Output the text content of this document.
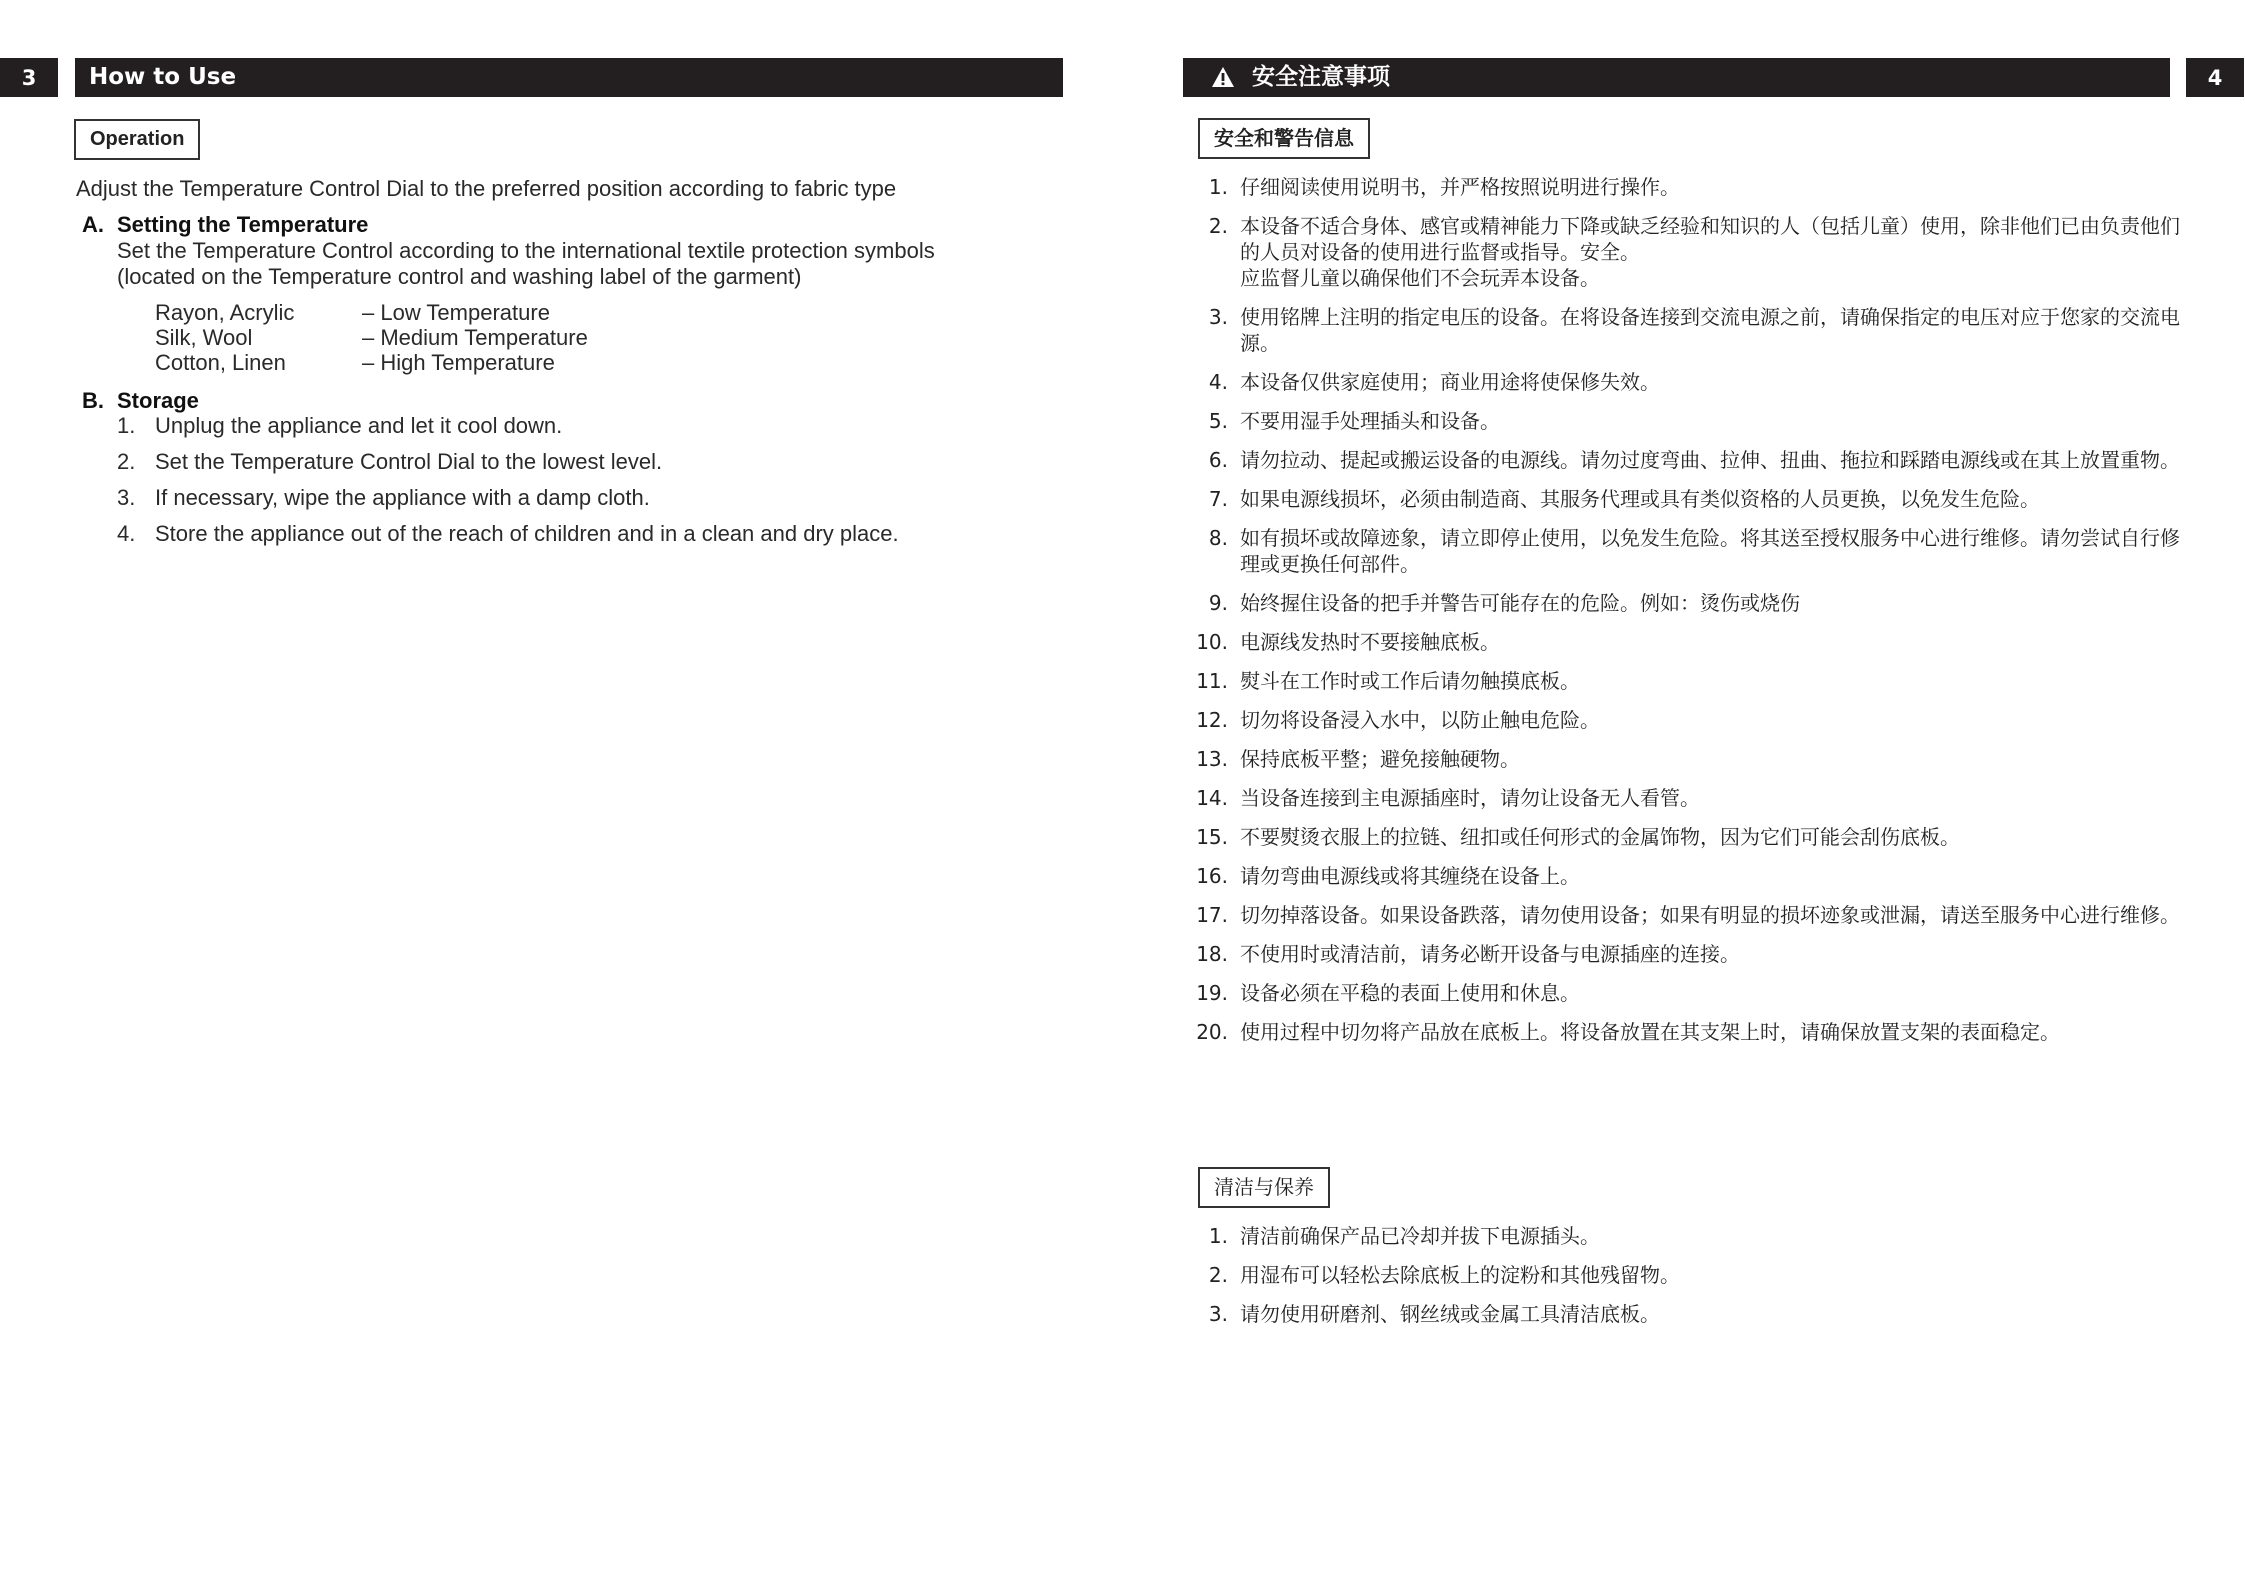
3 How to Use
Operation
Adjust the Temperature Control Dial to the preferred position according to fabric type
A. Setting the Temperature
Set the Temperature Control according to the international textile protection symbols
(located on the Temperature control and washing label of the garment)
Rayon, Acrylic	– Low Temperature
Silk, Wool	– Medium Temperature
Cotton, Linen	– High Temperature
B. Storage
1. Unplug the appliance and let it cool down.
2. Set the Temperature Control Dial to the lowest level.
3. If necessary, wipe the appliance with a damp cloth.
4. Store the appliance out of the reach of children and in a clean and dry place.
安全注意事项	4
安全和警告信息
1. 仔细阅读使用说明书，并严格按照说明进行操作。
2. 本设备不适合身体、感官或精神能力下降或缺乏经验和知识的人（包括儿童）使用，除非他们已由负责他们的人员对设备的使用进行监督或指导。安全。
应监督儿童以确保他们不会玩弄本设备。
3. 使用铭牌上注明的指定电压的设备。在将设备连接到交流电源之前，请确保指定的电压对应于您家的交流电源。
4. 本设备仅供家庭使用；商业用途将使保修失效。
5. 不要用湿手处理插头和设备。
6. 请勿拉动、提起或搬运设备的电源线。请勿过度弯曲、拉伸、扭曲、拖拉和踩踏电源线或在其上放置重物。
7. 如果电源线损坏，必须由制造商、其服务代理或具有类似资格的人员更换，以免发生危险。
8. 如有损坏或故障迹象，请立即停止使用，以免发生危险。将其送至授权服务中心进行维修。请勿尝试自行修理或更换任何部件。
9. 始终握住设备的把手并警告可能存在的危险。例如：烫伤或烧伤
10. 电源线发热时不要接触底板。
11. 熨斗在工作时或工作后请勿触摸底板。
12. 切勿将设备浸入水中，以防止触电危险。
13. 保持底板平整；避免接触硬物。
14. 当设备连接到主电源插座时，请勿让设备无人看管。
15. 不要熨烫衣服上的拉链、纽扣或任何形式的金属饰物，因为它们可能会刮伤底板。
16. 请勿弯曲电源线或将其缠绕在设备上。
17. 切勿掉落设备。如果设备跌落，请勿使用设备；如果有明显的损坏迹象或泄漏，请送至服务中心进行维修。
18. 不使用时或清洁前，请务必断开设备与电源插座的连接。
19. 设备必须在平稳的表面上使用和休息。
20. 使用过程中切勿将产品放在底板上。将设备放置在其支架上时，请确保放置支架的表面稳定。
清洁与保养
1. 清洁前确保产品已冷却并拔下电源插头。
2. 用湿布可以轻松去除底板上的淀粉和其他残留物。
3. 请勿使用研磨剂、钢丝绒或金属工具清洁底板。
